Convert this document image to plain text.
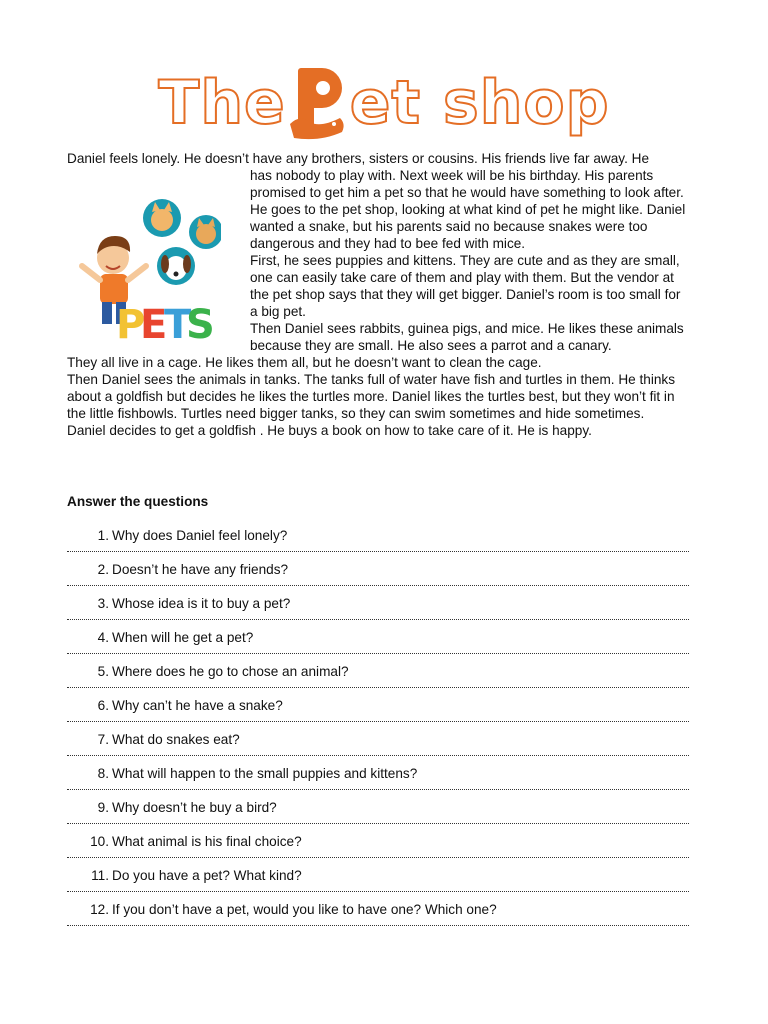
The et shop
P
E
T
S

Daniel feels lonely. He doesn’t have any brothers, sisters or cousins. His friends live far away. He

has nobody to play with. Next week will be his birthday. His parents promised to get him a pet so that he would have something to look after.

He goes to the pet shop, looking at what kind of pet he might like. Daniel wanted a snake, but his parents said no because snakes were too dangerous and they had to bee fed with mice.

First, he sees puppies and kittens. They are cute and as they are small, one can easily take care of them and play with them. But the vendor at the pet shop says that they will get bigger. Daniel’s room is too small for a big pet.

Then Daniel sees rabbits, guinea pigs, and mice. He likes these animals because they are small. He also sees a parrot and a canary.

They all live in a cage. He likes them all, but he doesn’t want to clean the cage.

Then Daniel sees the animals in tanks. The tanks full of water have fish and turtles in them. He thinks about a goldfish but decides he likes the turtles more. Daniel likes the turtles best, but they won’t fit in the little fishbowls. Turtles need bigger tanks, so they can swim sometimes and hide sometimes.

Daniel decides to get a goldfish . He buys a book on how to take care of it. He is happy.

Answer the questions
1. Why does Daniel feel lonely?
2. Doesn’t he have any friends?
3. Whose idea is it to buy a pet?
4. When will he get a pet?
5. Where does he go to chose an animal?
6. Why can’t he have a snake?
7. What do snakes eat?
8. What will happen to the small puppies and kittens?
9. Why doesn’t he buy a bird?
10. What animal is his final choice?
11. Do you have a pet? What kind?
12. If you don’t have a pet, would you like to have one? Which one?
